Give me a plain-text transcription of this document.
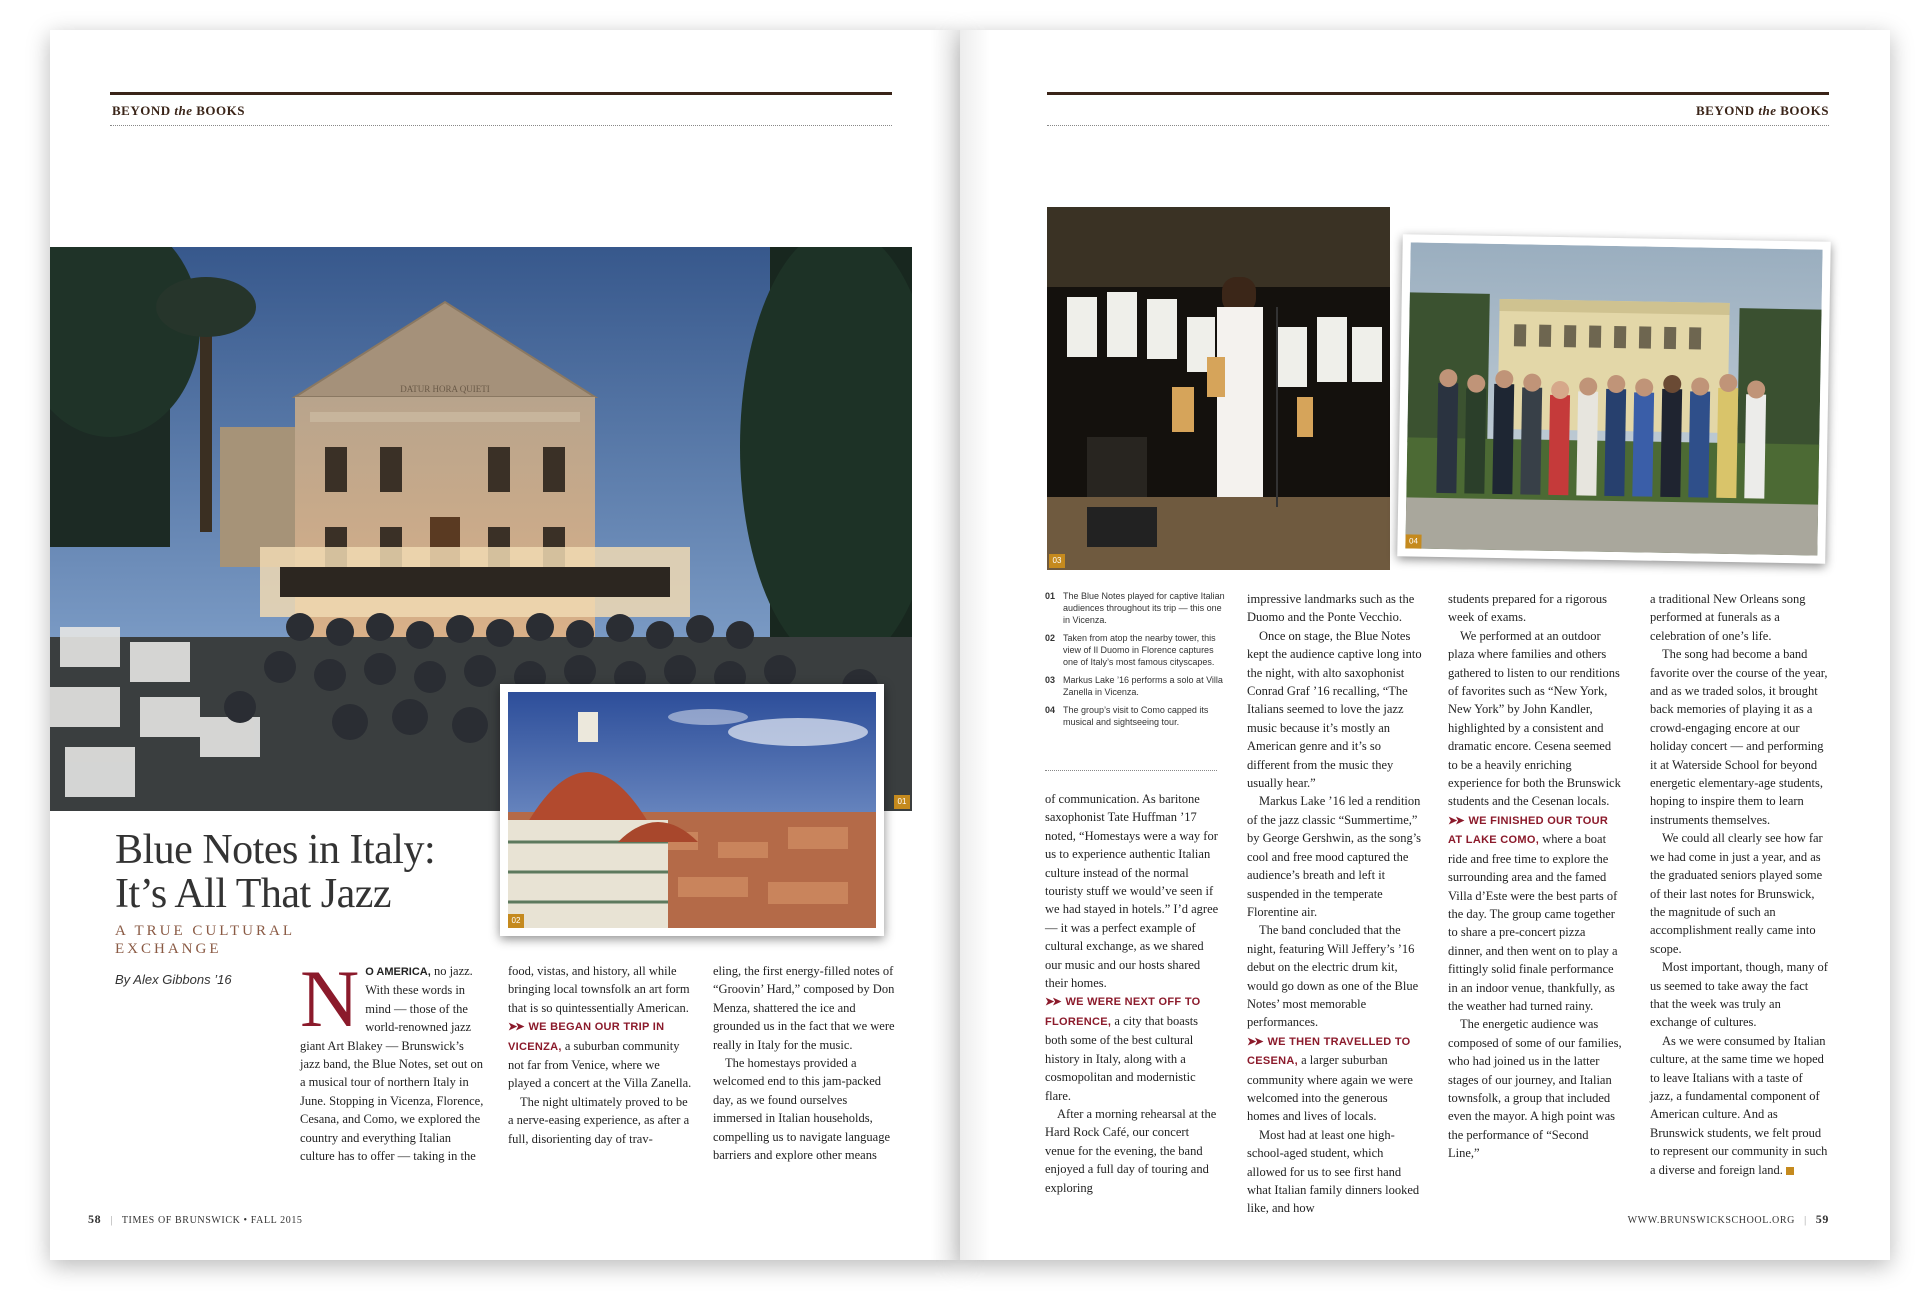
BEYOND the BOOKS	BEYOND the BOOKS
DATUR HORA QUIETI
01
02
03
04
Blue Notes in Italy:
It’s All That Jazz
A TRUE CULTURAL
EXCHANGE
By Alex Gibbons ’16 N O AMERICA, no jazz. With these words in mind — those of the world-renowned jazz giant Art Blakey — Brunswick’s jazz band, the Blue Notes, set out on a musical tour of northern Italy in June. Stopping in Vicenza, Florence, Cesana, and Como, we explored the country and everything Italian culture has to offer — taking in the

food, vistas, and history, all while bringing local townsfolk an art form that is so quintessentially American.

➤➤ WE BEGAN OUR TRIP IN VICENZA, a suburban community not far from Venice, where we played a concert at the Villa Zanella.

The night ultimately proved to be a nerve-easing experience, as after a full, disorienting day of trav-

eling, the first energy-filled notes of “Groovin’ Hard,” composed by Don Menza, shattered the ice and grounded us in the fact that we were really in Italy for the music.

The homestays provided a welcomed end to this jam-packed day, as we found ourselves immersed in Italian households, compelling us to navigate language barriers and explore other means

01 The Blue Notes played for captive Italian audiences throughout its trip — this one in Vicenza.
02 Taken from atop the nearby tower, this view of Il Duomo in Florence captures one of Italy’s most famous cityscapes.
03 Markus Lake ’16 performs a solo at Villa Zanella in Vicenza.
04 The group’s visit to Como capped its musical and sightseeing tour.

of communication. As baritone saxophonist Tate Huffman ’17 noted, “Homestays were a way for us to experience authentic Italian culture instead of the normal touristy stuff we would’ve seen if we had stayed in hotels.” I’d agree — it was a perfect example of cultural exchange, as we shared our music and our hosts shared their homes.

➤➤ WE WERE NEXT OFF TO FLORENCE, a city that boasts both some of the best cultural history in Italy, along with a cosmopolitan and modernistic flare.

After a morning rehearsal at the Hard Rock Café, our concert venue for the evening, the band enjoyed a full day of touring and exploring

impressive landmarks such as the Duomo and the Ponte Vecchio.

Once on stage, the Blue Notes kept the audience captive long into the night, with alto saxophonist Conrad Graf ’16 recalling, “The Italians seemed to love the jazz music because it’s mostly an American genre and it’s so different from the music they usually hear.”

Markus Lake ’16 led a rendition of the jazz classic “Summertime,” by George Gershwin, as the song’s cool and free mood captured the audience’s breath and left it suspended in the temperate Florentine air.

The band concluded that the night, featuring Will Jeffery’s ’16 debut on the electric drum kit, would go down as one of the Blue Notes’ most memorable performances.

➤➤ WE THEN TRAVELLED TO CESENA, a larger suburban community where again we were welcomed into the generous homes and lives of locals.

Most had at least one high-school-aged student, which allowed for us to see first hand what Italian family dinners looked like, and how

students prepared for a rigorous week of exams.

We performed at an outdoor plaza where families and others gathered to listen to our renditions of favorites such as “New York, New York” by John Kandler, highlighted by a consistent and dramatic encore. Cesena seemed to be a heavily enriching experience for both the Brunswick students and the Cesenan locals.

➤➤ WE FINISHED OUR TOUR AT LAKE COMO, where a boat ride and free time to explore the surrounding area and the famed Villa d’Este were the best parts of the day. The group came together to share a pre-concert pizza dinner, and then went on to play a fittingly solid finale performance in an indoor venue, thankfully, as the weather had turned rainy.

The energetic audience was composed of some of our families, who had joined us in the latter stages of our journey, and Italian townsfolk, a group that included even the mayor. A high point was the performance of “Second Line,”

a traditional New Orleans song performed at funerals as a celebration of one’s life.

The song had become a band favorite over the course of the year, and as we traded solos, it brought back memories of playing it as a crowd-engaging encore at our holiday concert — and performing it at Waterside School for beyond energetic elementary-age students, hoping to inspire them to learn instruments themselves.

We could all clearly see how far we had come in just a year, and as the graduated seniors played some of their last notes for Brunswick, the magnitude of such an accomplishment really came into scope.

Most important, though, many of us seemed to take away the fact that the week was truly an exchange of cultures.

As we were consumed by Italian culture, at the same time we hoped to leave Italians with a taste of jazz, a fundamental component of American culture. And as Brunswick students, we felt proud to represent our community in such a diverse and foreign land.

58 | TIMES OF BRUNSWICK • FALL 2015	WWW.BRUNSWICKSCHOOL.ORG | 59
